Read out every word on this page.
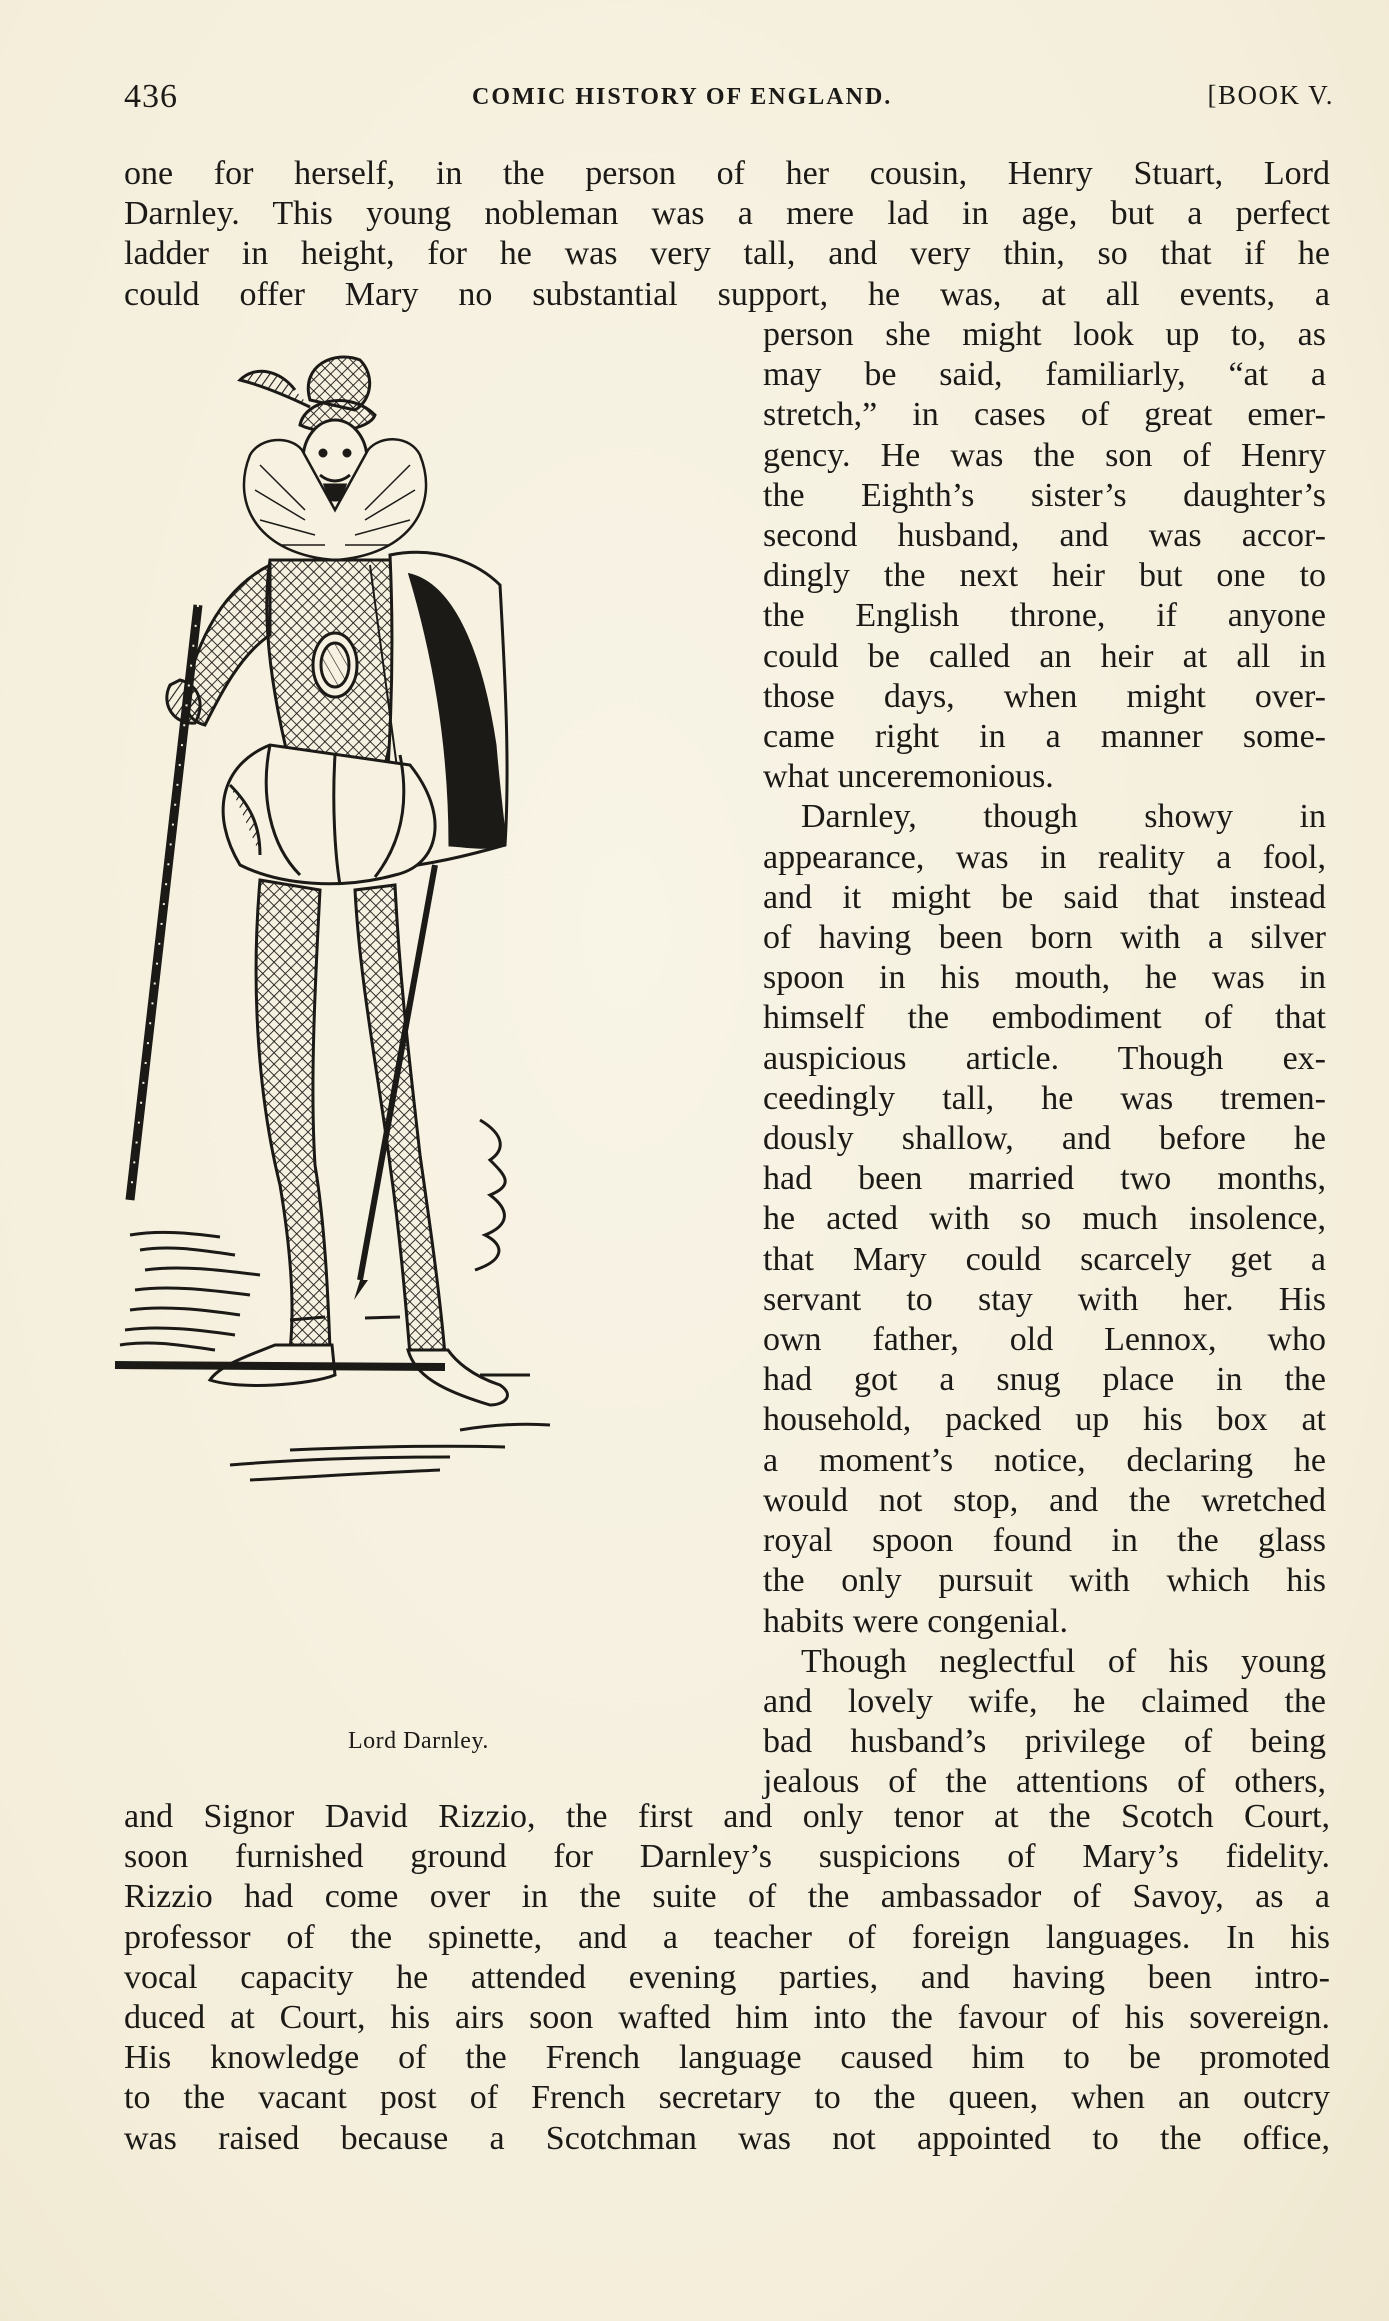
436	COMIC HISTORY OF ENGLAND.	[BOOK V.
one for herself, in the person of her cousin, Henry Stuart, Lord
Darnley. This young nobleman was a mere lad in age, but a perfect
ladder in height, for he was very tall, and very thin, so that if he
could offer Mary no substantial support, he was, at all events, a
person she might look up to, as
may be said, familiarly, “at a
stretch,” in cases of great emer-
gency. He was the son of Henry
the Eighth’s sister’s daughter’s
second husband, and was accor-
dingly the next heir but one to
the English throne, if anyone
could be called an heir at all in
those days, when might over-
came right in a manner some-
what unceremonious.
Darnley, though showy in
appearance, was in reality a fool,
and it might be said that instead
of having been born with a silver
spoon in his mouth, he was in
himself the embodiment of that
auspicious article. Though ex-
ceedingly tall, he was tremen-
dously shallow, and before he
had been married two months,
he acted with so much insolence,
that Mary could scarcely get a
servant to stay with her. His
own father, old Lennox, who
had got a snug place in the
household, packed up his box at
a moment’s notice, declaring he
would not stop, and the wretched
royal spoon found in the glass
the only pursuit with which his
habits were congenial.
Though neglectful of his young
and lovely wife, he claimed the
bad husband’s privilege of being
jealous of the attentions of others,
Lord Darnley.
and Signor David Rizzio, the first and only tenor at the Scotch Court,
soon furnished ground for Darnley’s suspicions of Mary’s fidelity.
Rizzio had come over in the suite of the ambassador of Savoy, as a
professor of the spinette, and a teacher of foreign languages. In his
vocal capacity he attended evening parties, and having been intro-
duced at Court, his airs soon wafted him into the favour of his sovereign.
His knowledge of the French language caused him to be promoted
to the vacant post of French secretary to the queen, when an outcry
was raised because a Scotchman was not appointed to the office,
